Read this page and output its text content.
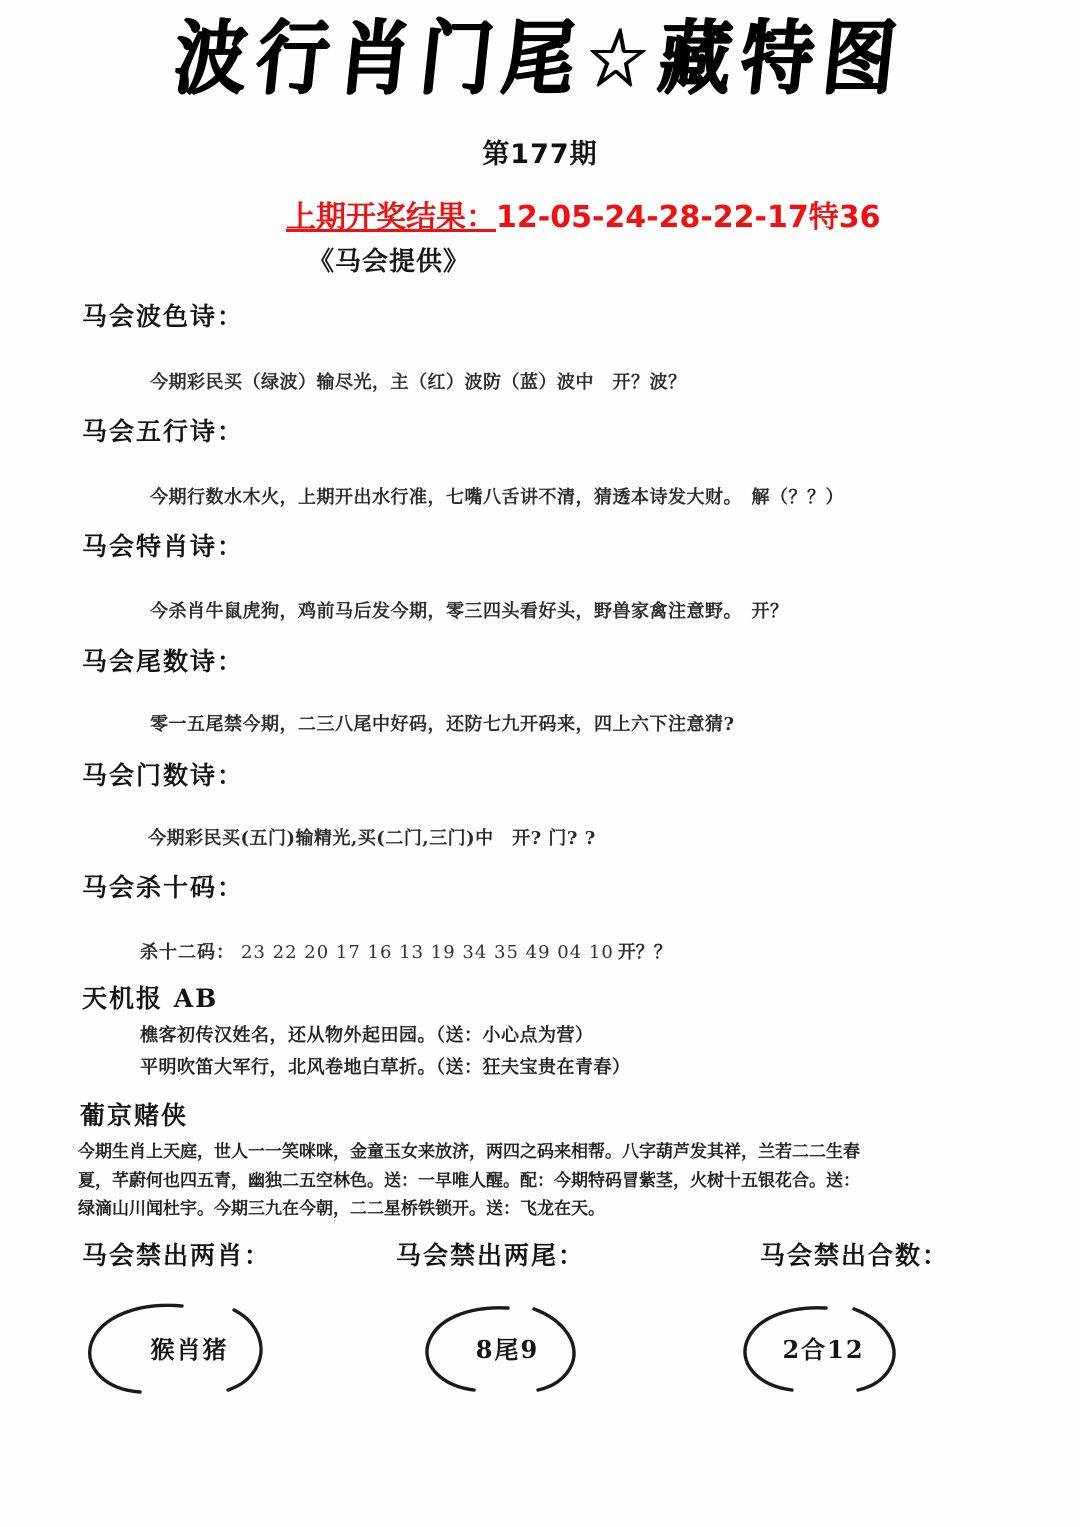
波行肖门尾☆藏特图
第177期
上期开奖结果：12-05-24-28-22-17特36
《马会提供》
马会波色诗：
今期彩民买（绿波）输尽光，主（红）波防（蓝）波中　开？波？
马会五行诗：
今期行数水木火，上期开出水行准，七嘴八舌讲不清，猜透本诗发大财。　解（？？）
马会特肖诗：
今杀肖牛鼠虎狗，鸡前马后发今期，零三四头看好头，野兽家禽注意野。　开？
马会尾数诗：
零一五尾禁今期，二三八尾中好码，还防七九开码来，四上六下注意猜?
马会门数诗：
今期彩民买(五门)输精光,买(二门,三门)中　开? 门? ?
马会杀十码：
杀十二码： 23 22 20 17 16 13 19 34 35 49 04 10 开？？
天机报 AB
樵客初传汉姓名，还从物外起田园。（送：小心点为营）
平明吹笛大军行，北风卷地白草折。（送：狂夫宝贵在青春）
葡京赌侠
今期生肖上天庭，世人一一笑咪咪，金童玉女来放济，两四之码来相帮。八字葫芦发其祥，兰若二二生春
夏，芊蔚何也四五青，幽独二五空林色。送：一早唯人醒。配：今期特码冒紫茎，火树十五银花合。送：
绿滴山川闻杜宇。今期三九在今朝，二二星桥铁锁开。送：飞龙在天。
马会禁出两肖：	马会禁出两尾：	马会禁出合数：
猴肖猪	8尾9	2合12
